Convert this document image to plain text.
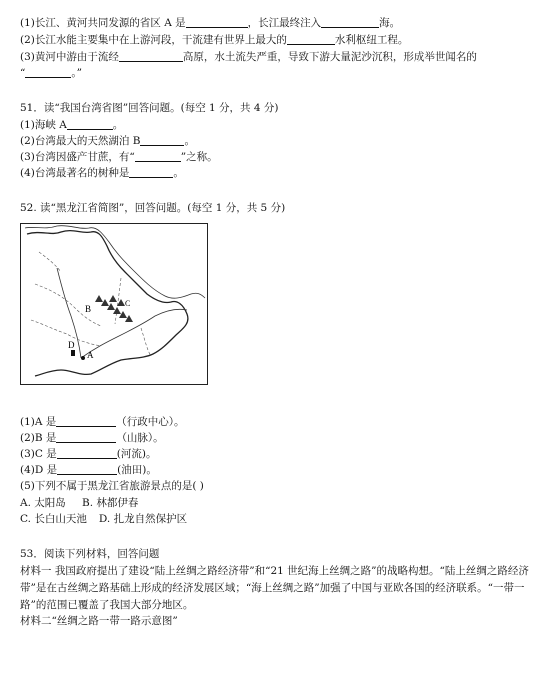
(1)长江、黄河共同发源的省区 A 是	，长江最终注入	海。
(2)长江水能主要集中在上游河段，干流建有世界上最大的	水利枢纽工程。
(3)黄河中游由于流经	高原，水土流失严重，导致下游大量泥沙沉积，形成举世闻名的
“	。”
51．读“我国台湾省图”回答问题。(每空 1 分，共 4 分)
(1)海峡 A	。
(2)台湾最大的天然湖泊 B	。
(3)台湾因盛产甘蔗，有“	”之称。
(4)台湾最著名的树种是	。
52. 读“黑龙江省简图”，回答问题。(每空 1 分，共 5 分)
A
B
C
D
(1)A 是	（行政中心）。
(2)B 是	（山脉）。
(3)C 是	(河流)。
(4)D 是	(油田)。
(5)下列不属于黑龙江省旅游景点的是( )
A. 太阳岛 B. 林都伊春
C. 长白山天池 D. 扎龙自然保护区
53．阅读下列材料，回答问题
材料一 我国政府提出了建设“陆上丝绸之路经济带”和“21 世纪海上丝绸之路”的战略构想。“陆上丝绸之路经济带”是在古丝绸之路基础上形成的经济发展区域；“海上丝绸之路”加强了中国与亚欧各国的经济联系。“一带一路”的范围已覆盖了我国大部分地区。
材料二“丝绸之路一带一路示意图”
